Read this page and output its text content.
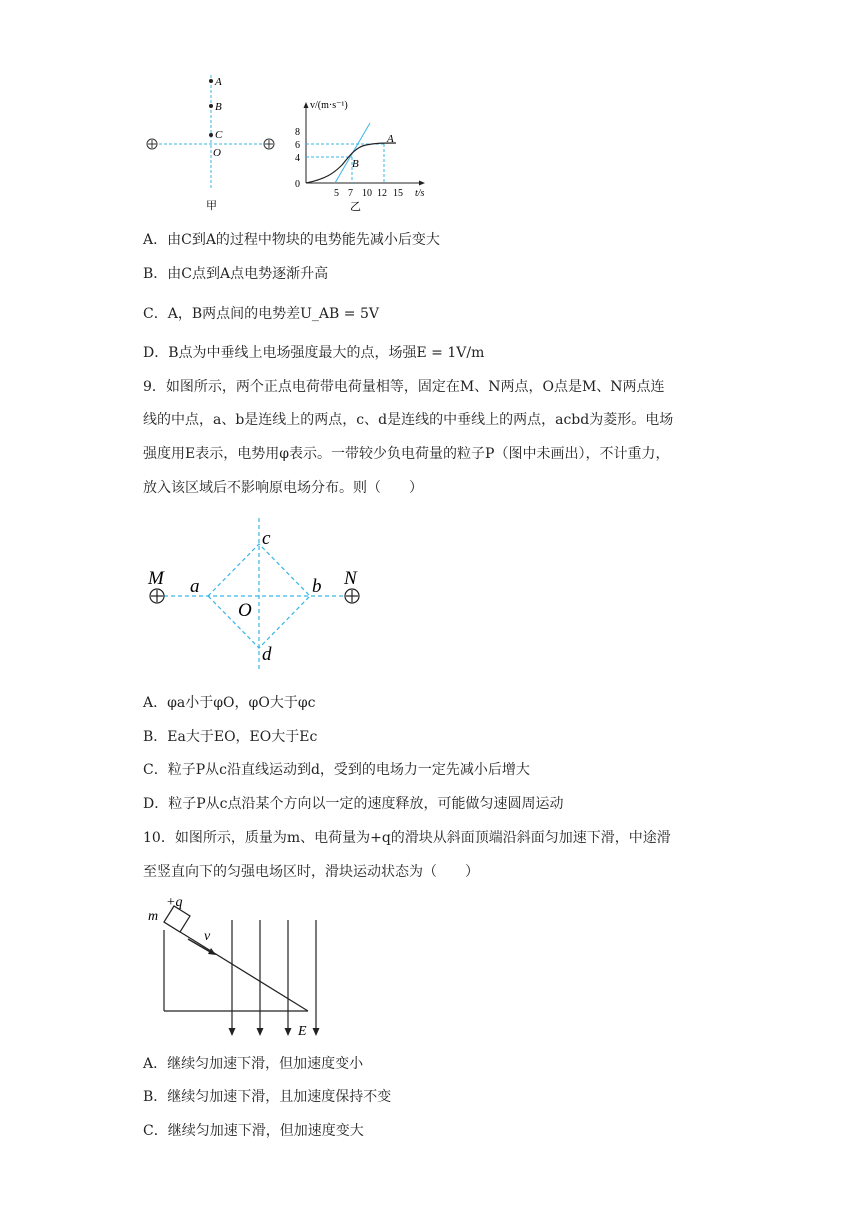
A
B
C
O
甲
8
6
4
0
5 7 10 12 15 t/s
v/(m·s⁻¹)
A
B
乙
A．由C到A的过程中物块的电势能先减小后变大
B．由C点到A点电势逐渐升高
C．A，B两点间的电势差U_AB = 5V
D．B点为中垂线上电场强度最大的点，场强E = 1V/m
9．如图所示，两个正点电荷带电荷量相等，固定在M、N两点，O点是M、N两点连
线的中点，a、b是连线上的两点，c、d是连线的中垂线上的两点，acbd为菱形。电场
强度用E表示，电势用φ表示。一带较少负电荷量的粒子P（图中未画出），不计重力，
放入该区域后不影响原电场分布。则（　　）
M	N
a	b
c
d
O
A．φa小于φO，φO大于φc
B．Ea大于EO，EO大于Ec
C．粒子P从c沿直线运动到d，受到的电场力一定先减小后增大
D．粒子P从c点沿某个方向以一定的速度释放，可能做匀速圆周运动
10．如图所示，质量为m、电荷量为+q的滑块从斜面顶端沿斜面匀加速下滑，中途滑
至竖直向下的匀强电场区时，滑块运动状态为（　　）
m
+q
v
E
A．继续匀加速下滑，但加速度变小
B．继续匀加速下滑，且加速度保持不变
C．继续匀加速下滑，但加速度变大
